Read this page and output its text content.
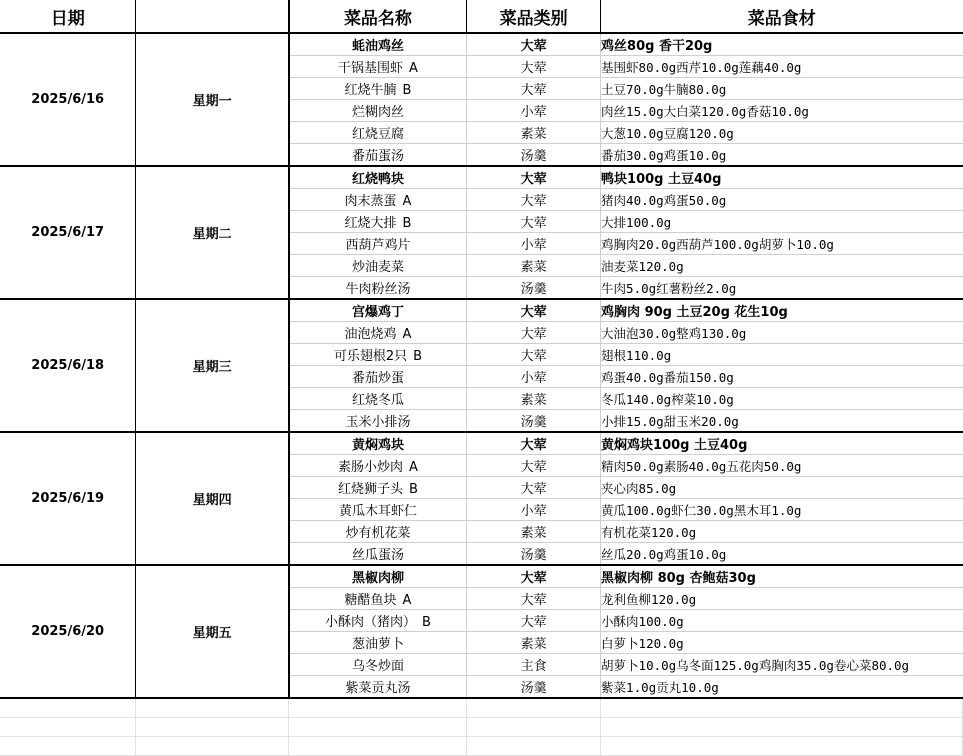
日期		菜品名称	菜品类别	菜品食材
2025/6/16	星期一	蚝油鸡丝	大荤	鸡丝80g 香干20g
		干锅基围虾 A	大荤	基围虾80.0g西芹10.0g莲藕40.0g
		红烧牛腩 B	大荤	土豆70.0g牛腩80.0g
		烂糊肉丝	小荤	肉丝15.0g大白菜120.0g香菇10.0g
		红烧豆腐	素菜	大葱10.0g豆腐120.0g
		番茄蛋汤	汤羹	番茄30.0g鸡蛋10.0g
2025/6/17	星期二	红烧鸭块	大荤	鸭块100g 土豆40g
		肉末蒸蛋 A	大荤	猪肉40.0g鸡蛋50.0g
		红烧大排 B	大荤	大排100.0g
		西葫芦鸡片	小荤	鸡胸肉20.0g西葫芦100.0g胡萝卜10.0g
		炒油麦菜	素菜	油麦菜120.0g
		牛肉粉丝汤	汤羹	牛肉5.0g红薯粉丝2.0g
2025/6/18	星期三	宫爆鸡丁	大荤	鸡胸肉 90g 土豆20g 花生10g
		油泡烧鸡 A	大荤	大油泡30.0g整鸡130.0g
		可乐翅根2只 B	大荤	翅根110.0g
		番茄炒蛋	小荤	鸡蛋40.0g番茄150.0g
		红烧冬瓜	素菜	冬瓜140.0g榨菜10.0g
		玉米小排汤	汤羹	小排15.0g甜玉米20.0g
2025/6/19	星期四	黄焖鸡块	大荤	黄焖鸡块100g 土豆40g
		素肠小炒肉 A	大荤	精肉50.0g素肠40.0g五花肉50.0g
		红烧狮子头 B	大荤	夹心肉85.0g
		黄瓜木耳虾仁	小荤	黄瓜100.0g虾仁30.0g黑木耳1.0g
		炒有机花菜	素菜	有机花菜120.0g
		丝瓜蛋汤	汤羹	丝瓜20.0g鸡蛋10.0g
2025/6/20	星期五	黑椒肉柳	大荤	黑椒肉柳 80g 杏鲍菇30g
		糖醋鱼块 A	大荤	龙利鱼柳120.0g
		小酥肉（猪肉） B	大荤	小酥肉100.0g
		葱油萝卜	素菜	白萝卜120.0g
		乌冬炒面	主食	胡萝卜10.0g乌冬面125.0g鸡胸肉35.0g卷心菜80.0g
		紫菜贡丸汤	汤羹	紫菜1.0g贡丸10.0g
